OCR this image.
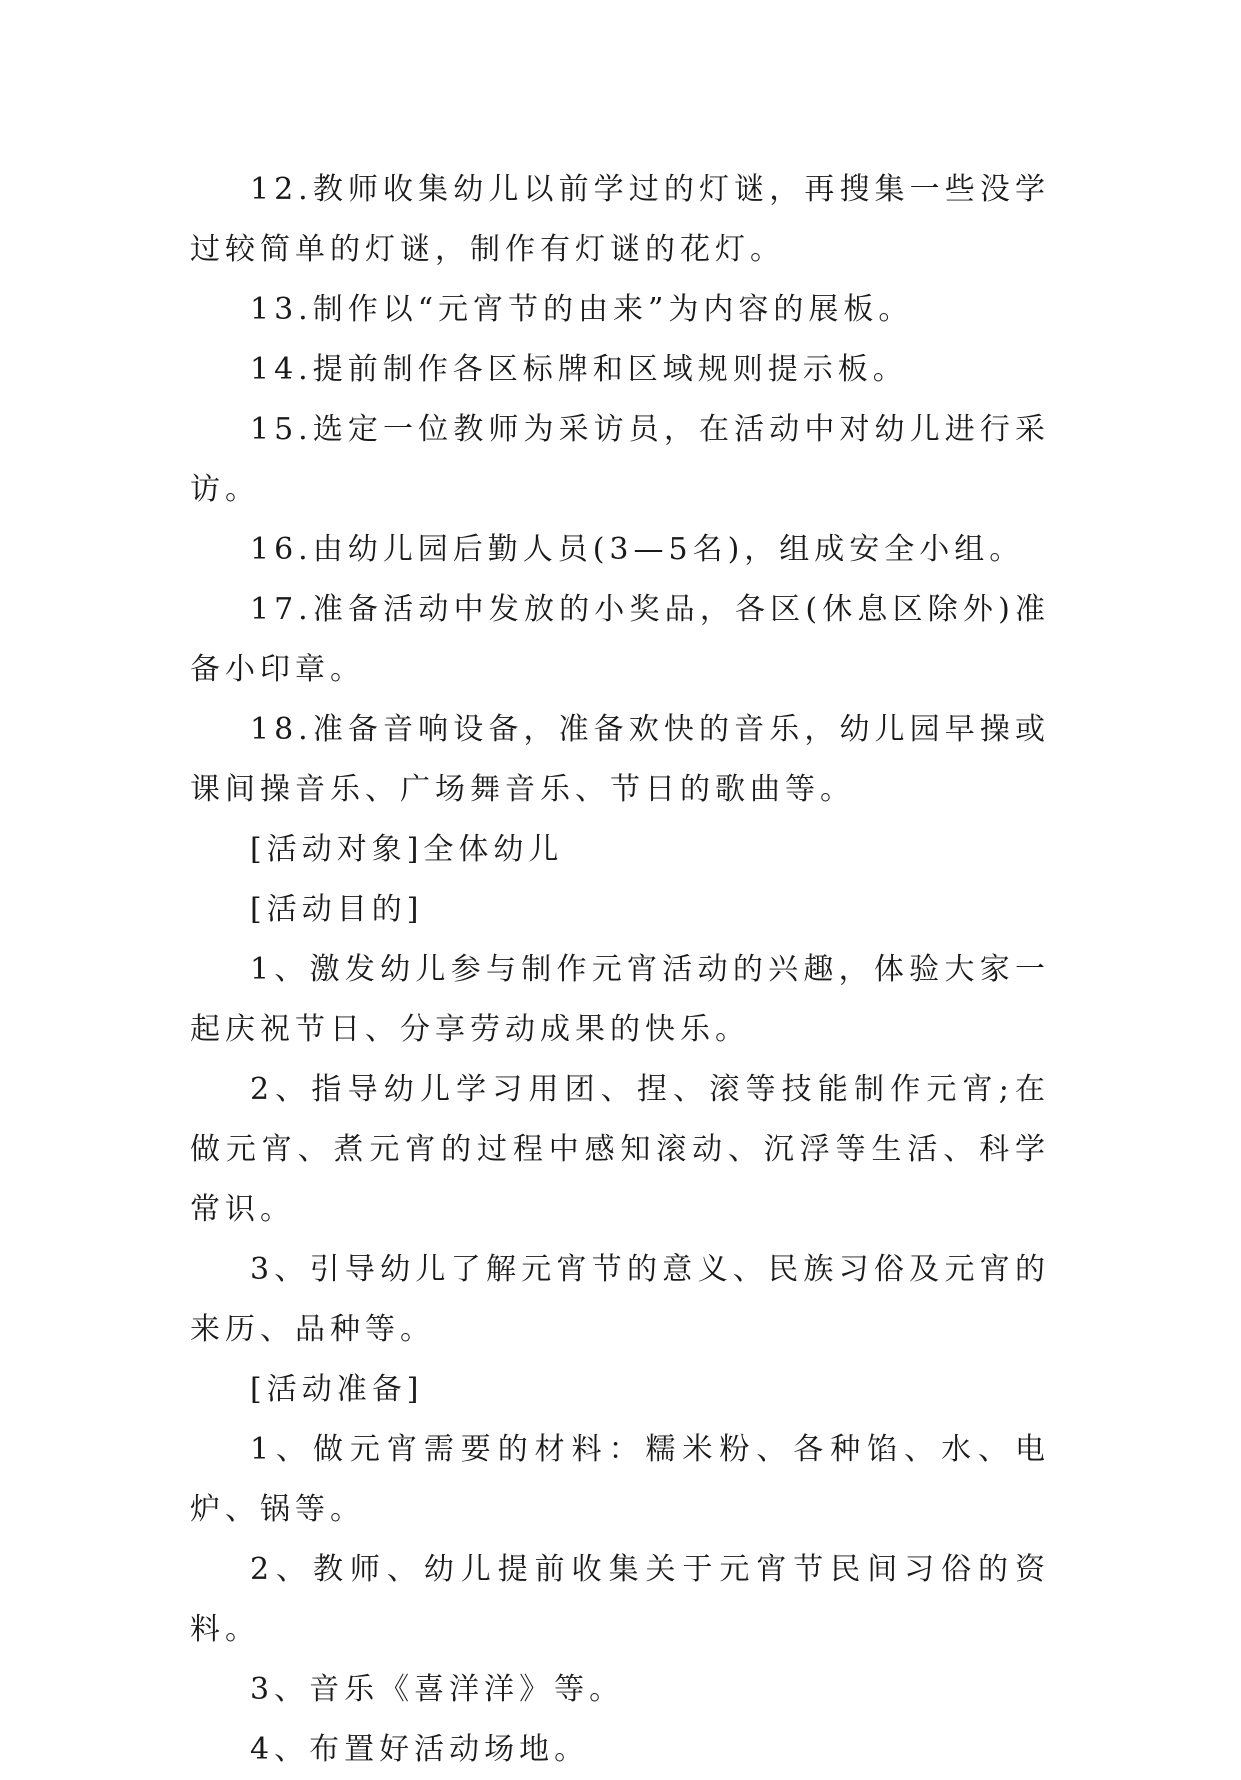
12.教师收集幼儿以前学过的灯谜，再搜集一些没学过较简单的灯谜，制作有灯谜的花灯。

13.制作以“元宵节的由来”为内容的展板。

14.提前制作各区标牌和区域规则提示板。

15.选定一位教师为采访员，在活动中对幼儿进行采访。

16.由幼儿园后勤人员(3—5名)，组成安全小组。

17.准备活动中发放的小奖品，各区(休息区除外)准备小印章。

18.准备音响设备，准备欢快的音乐，幼儿园早操或课间操音乐、广场舞音乐、节日的歌曲等。

[活动对象]全体幼儿

[活动目的]

1、激发幼儿参与制作元宵活动的兴趣，体验大家一起庆祝节日、分享劳动成果的快乐。

2、指导幼儿学习用团、捏、滚等技能制作元宵;在做元宵、煮元宵的过程中感知滚动、沉浮等生活、科学常识。

3、引导幼儿了解元宵节的意义、民族习俗及元宵的来历、品种等。

[活动准备]

1、做元宵需要的材料：糯米粉、各种馅、水、电炉、锅等。

2、教师、幼儿提前收集关于元宵节民间习俗的资料。

3、音乐《喜洋洋》等。

4、布置好活动场地。
